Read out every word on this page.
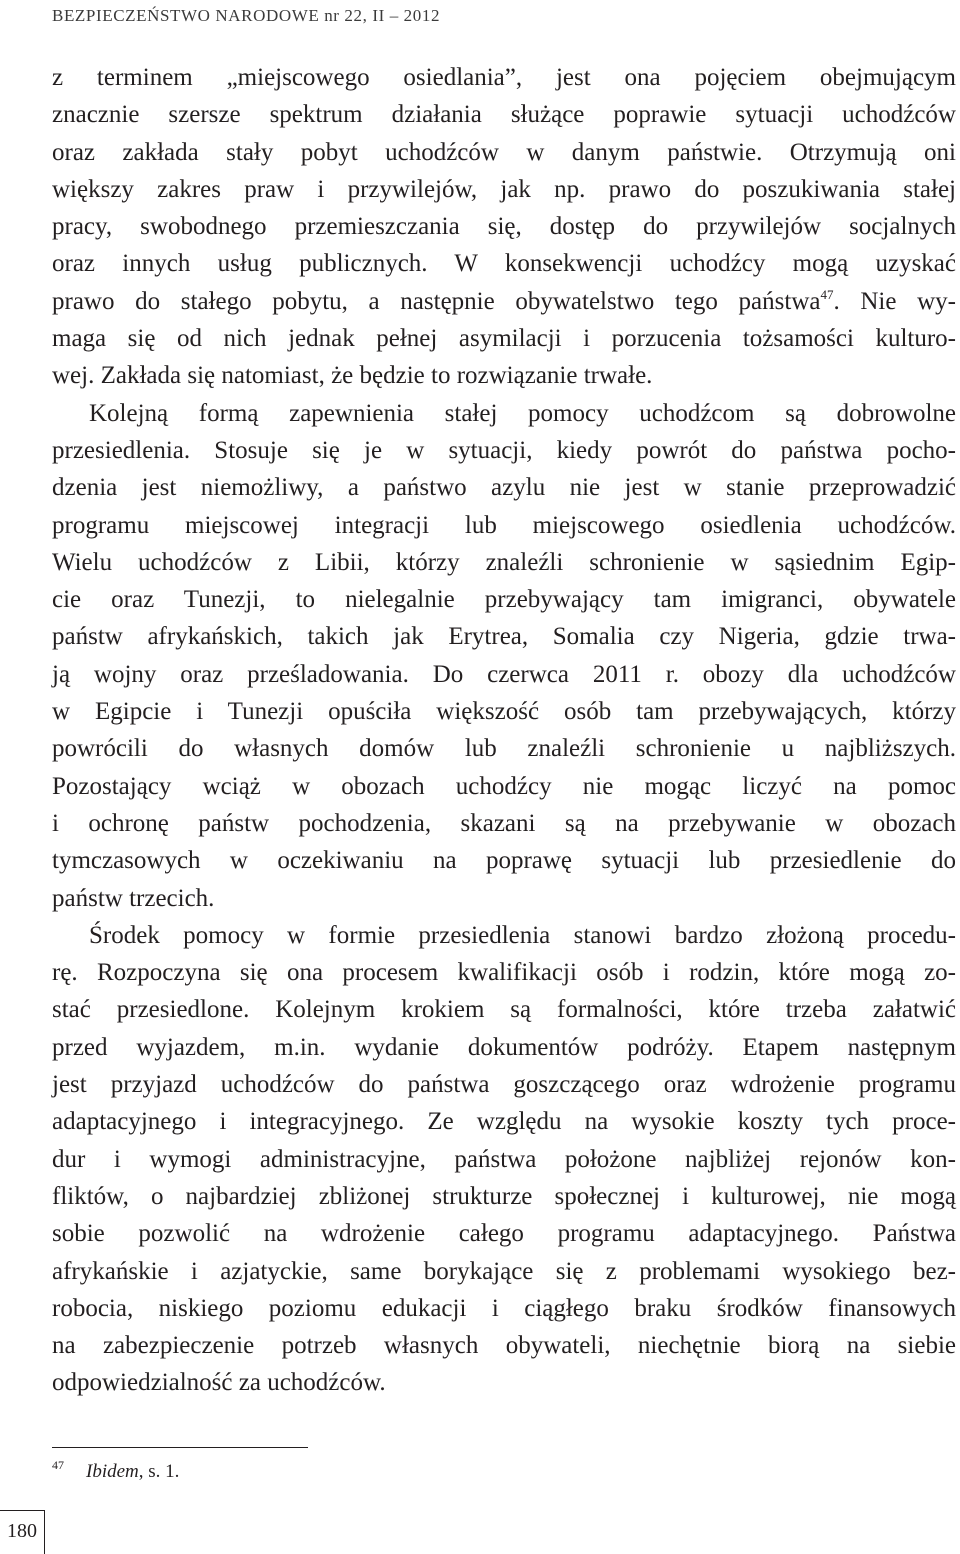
BEZPIECZEŃSTWO NARODOWE nr 22, II – 2012
z terminem „miejscowego osiedlania”, jest ona pojęciem obejmującym
znacznie szersze spektrum działania służące poprawie sytuacji uchodźców
oraz zakłada stały pobyt uchodźców w danym państwie. Otrzymują oni
większy zakres praw i przywilejów, jak np. prawo do poszukiwania stałej
pracy, swobodnego przemieszczania się, dostęp do przywilejów socjalnych
oraz innych usług publicznych. W konsekwencji uchodźcy mogą uzyskać
prawo do stałego pobytu, a następnie obywatelstwo tego państwa$^{47}$. Nie wy-
maga się od nich jednak pełnej asymilacji i porzucenia tożsamości kulturo-
wej. Zakłada się natomiast, że będzie to rozwiązanie trwałe.
Kolejną formą zapewnienia stałej pomocy uchodźcom są dobrowolne
przesiedlenia. Stosuje się je w sytuacji, kiedy powrót do państwa pocho-
dzenia jest niemożliwy, a państwo azylu nie jest w stanie przeprowadzić
programu miejscowej integracji lub miejscowego osiedlenia uchodźców.
Wielu uchodźców z Libii, którzy znaleźli schronienie w sąsiednim Egip-
cie oraz Tunezji, to nielegalnie przebywający tam imigranci, obywatele
państw afrykańskich, takich jak Erytrea, Somalia czy Nigeria, gdzie trwa-
ją wojny oraz prześladowania. Do czerwca 2011 r. obozy dla uchodźców
w Egipcie i Tunezji opuściła większość osób tam przebywających, którzy
powrócili do własnych domów lub znaleźli schronienie u najbliższych.
Pozostający wciąż w obozach uchodźcy nie mogąc liczyć na pomoc
i ochronę państw pochodzenia, skazani są na przebywanie w obozach
tymczasowych w oczekiwaniu na poprawę sytuacji lub przesiedlenie do
państw trzecich.
Środek pomocy w formie przesiedlenia stanowi bardzo złożoną procedu-
rę. Rozpoczyna się ona procesem kwalifikacji osób i rodzin, które mogą zo-
stać przesiedlone. Kolejnym krokiem są formalności, które trzeba załatwić
przed wyjazdem, m.in. wydanie dokumentów podróży. Etapem następnym
jest przyjazd uchodźców do państwa goszczącego oraz wdrożenie programu
adaptacyjnego i integracyjnego. Ze względu na wysokie koszty tych proce-
dur i wymogi administracyjne, państwa położone najbliżej rejonów kon-
fliktów, o najbardziej zbliżonej strukturze społecznej i kulturowej, nie mogą
sobie pozwolić na wdrożenie całego programu adaptacyjnego. Państwa
afrykańskie i azjatyckie, same borykające się z problemami wysokiego bez-
robocia, niskiego poziomu edukacji i ciągłego braku środków finansowych
na zabezpieczenie potrzeb własnych obywateli, niechętnie biorą na siebie
odpowiedzialność za uchodźców.
$^{47}$ Ibidem, s. 1.
180
